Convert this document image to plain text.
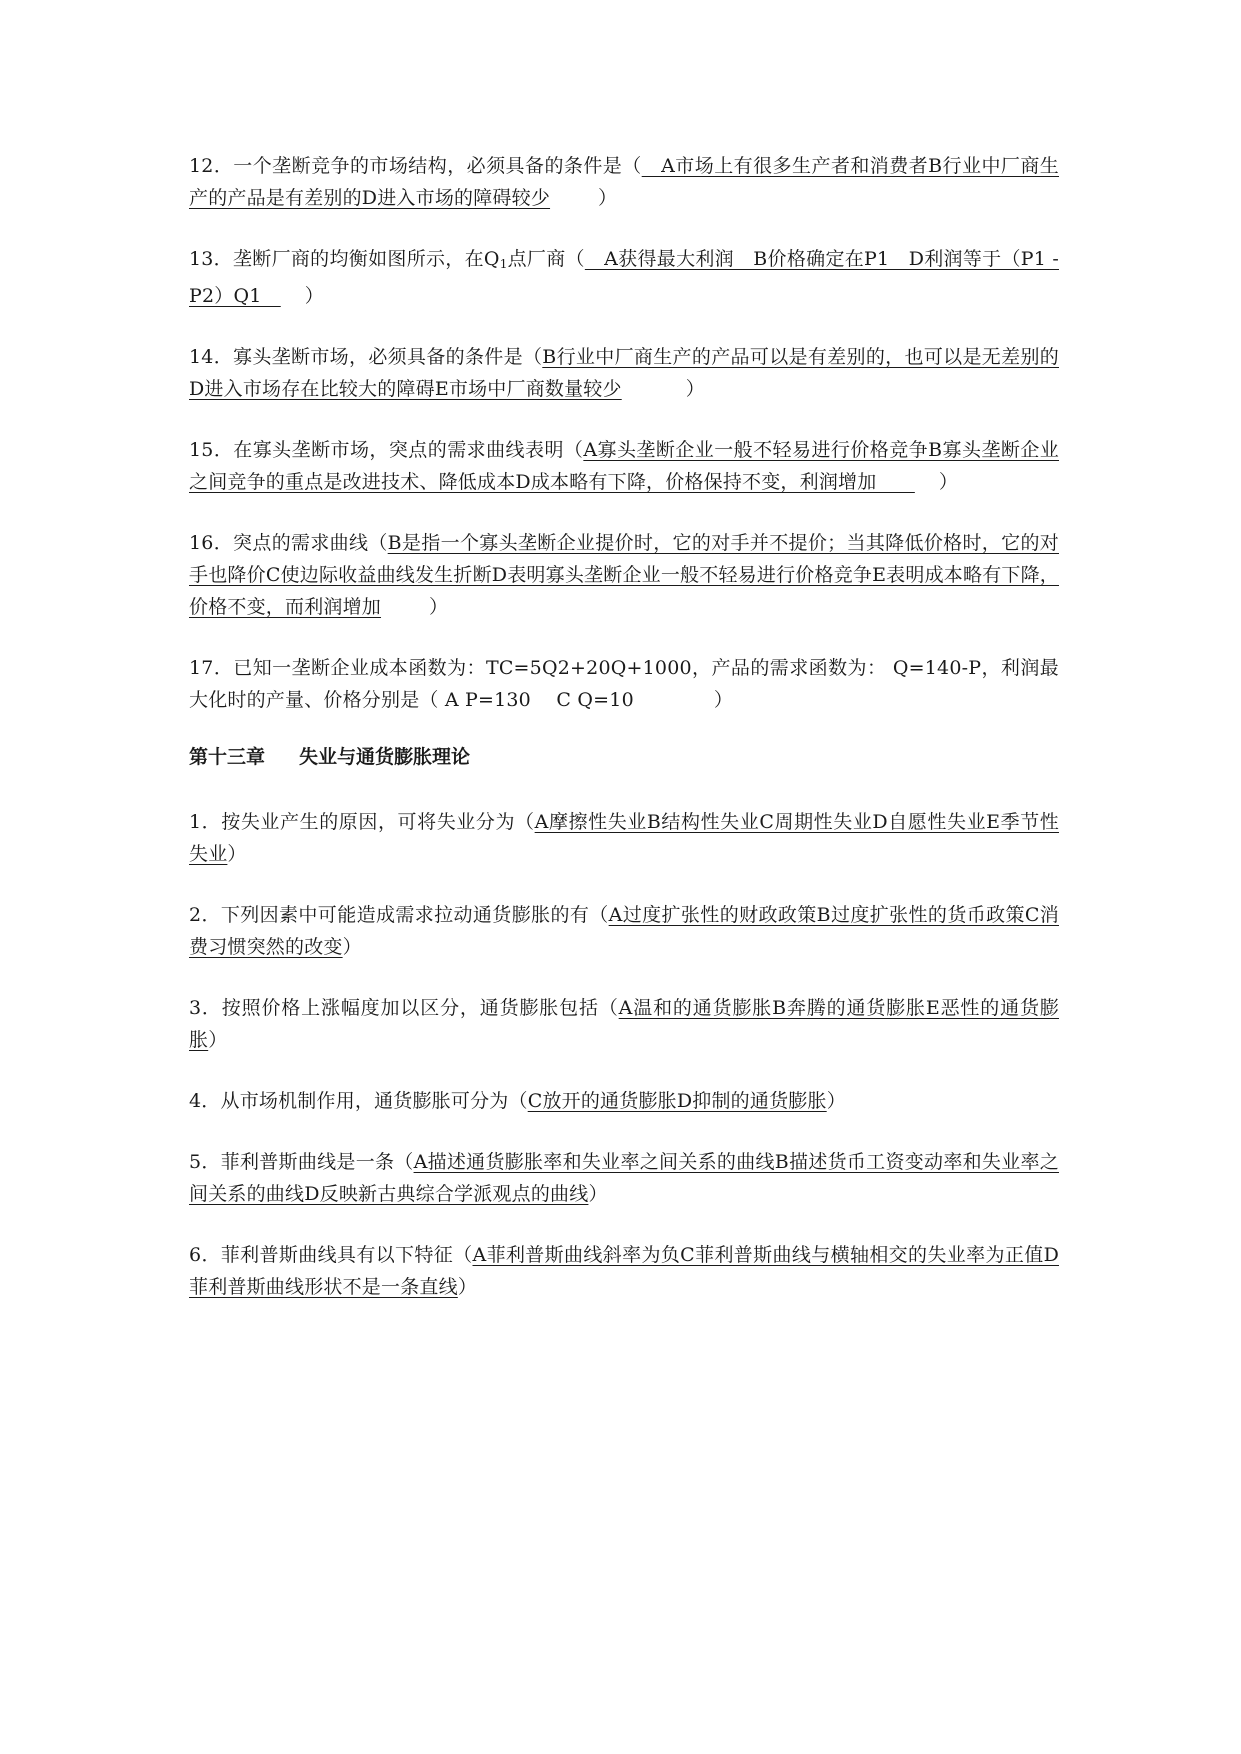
12．一个垄断竞争的市场结构，必须具备的条件是（　A市场上有很多生产者和消费者B行业中厂商生产的产品是有差别的D进入市场的障碍较少	）

13．垄断厂商的均衡如图所示，在$Q_1$点厂商（　A获得最大利润　B价格确定在P1　D利润等于（P1 - P2）Q1　）

14．寡头垄断市场，必须具备的条件是（B行业中厂商生产的产品可以是有差别的，也可以是无差别的D进入市场存在比较大的障碍E市场中厂商数量较少	）

15．在寡头垄断市场，突点的需求曲线表明（A寡头垄断企业一般不轻易进行价格竞争B寡头垄断企业之间竞争的重点是改进技术、降低成本D成本略有下降，价格保持不变，利润增加　　）

16．突点的需求曲线（B是指一个寡头垄断企业提价时，它的对手并不提价；当其降低价格时，它的对手也降价C使边际收益曲线发生折断D表明寡头垄断企业一般不轻易进行价格竞争E表明成本略有下降，价格不变，而利润增加	）

17．已知一垄断企业成本函数为：TC=5Q2+20Q+1000，产品的需求函数为： Q=140-P，利润最大化时的产量、价格分别是（ A P=130　 C Q=10	）

第十三章 失业与通货膨胀理论

1．按失业产生的原因，可将失业分为（A摩擦性失业B结构性失业C周期性失业D自愿性失业E季节性失业）

2．下列因素中可能造成需求拉动通货膨胀的有（A过度扩张性的财政政策B过度扩张性的货币政策C消费习惯突然的改变）

3．按照价格上涨幅度加以区分，通货膨胀包括（A温和的通货膨胀B奔腾的通货膨胀E恶性的通货膨胀）

4．从市场机制作用，通货膨胀可分为（C放开的通货膨胀D抑制的通货膨胀）

5．菲利普斯曲线是一条（A描述通货膨胀率和失业率之间关系的曲线B描述货币工资变动率和失业率之间关系的曲线D反映新古典综合学派观点的曲线）

6．菲利普斯曲线具有以下特征（A菲利普斯曲线斜率为负C菲利普斯曲线与横轴相交的失业率为正值D菲利普斯曲线形状不是一条直线）
